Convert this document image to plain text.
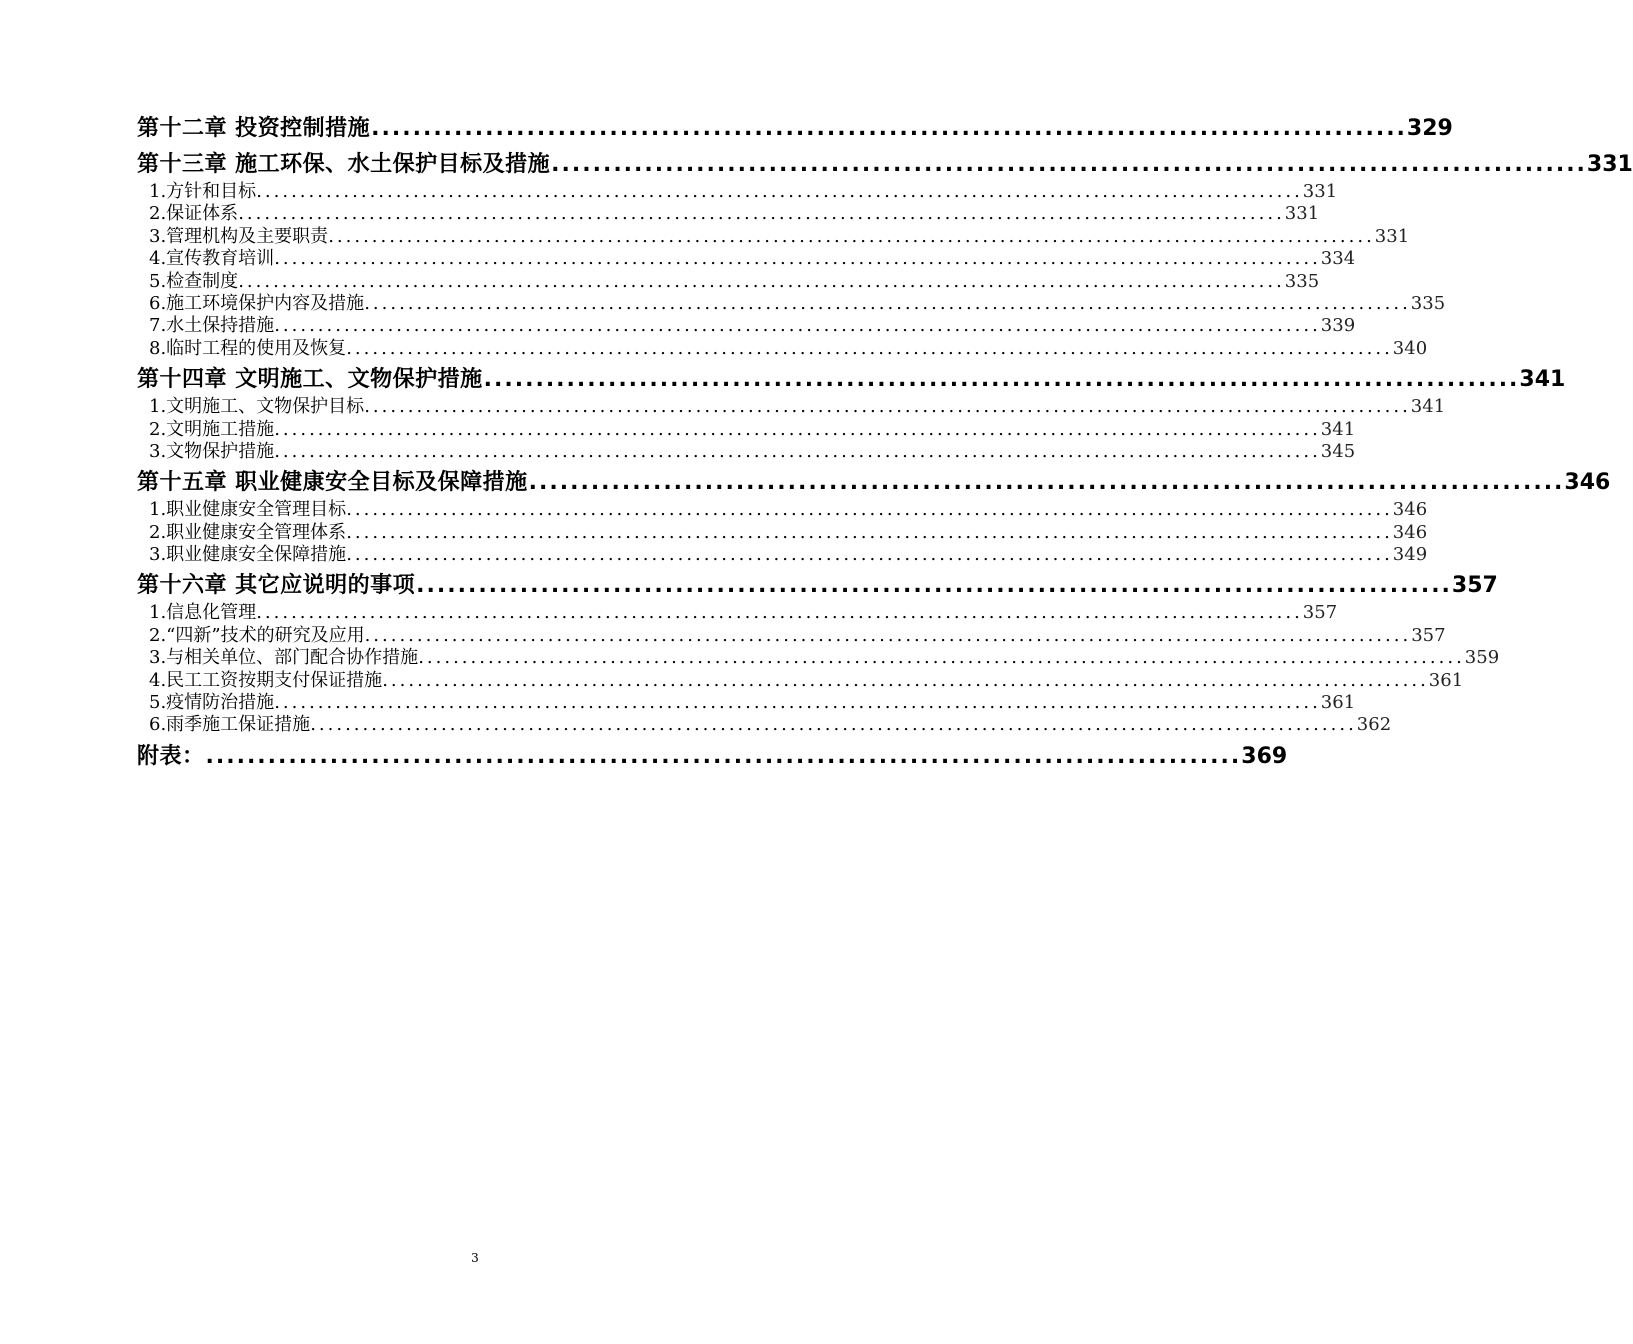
第十二章 投资控制措施 .................................................................................................... 329
第十三章 施工环保、水土保护目标及措施 .................................................................................................... 331
1.方针和目标 ........................................................................................................................ 331
2.保证体系 ........................................................................................................................ 331
3.管理机构及主要职责 ........................................................................................................................ 331
4.宣传教育培训 ........................................................................................................................ 334
5.检查制度 ........................................................................................................................ 335
6.施工环境保护内容及措施 ........................................................................................................................ 335
7.水土保持措施 ........................................................................................................................ 339
8.临时工程的使用及恢复 ........................................................................................................................ 340
第十四章 文明施工、文物保护措施 .................................................................................................... 341
1.文明施工、文物保护目标 ........................................................................................................................ 341
2.文明施工措施 ........................................................................................................................ 341
3.文物保护措施 ........................................................................................................................ 345
第十五章 职业健康安全目标及保障措施 .................................................................................................... 346
1.职业健康安全管理目标 ........................................................................................................................ 346
2.职业健康安全管理体系 ........................................................................................................................ 346
3.职业健康安全保障措施 ........................................................................................................................ 349
第十六章 其它应说明的事项 .................................................................................................... 357
1.信息化管理 ........................................................................................................................ 357
2.“四新”技术的研究及应用 ........................................................................................................................ 357
3.与相关单位、部门配合协作措施 ........................................................................................................................ 359
4.民工工资按期支付保证措施 ........................................................................................................................ 361
5.疫情防治措施 ........................................................................................................................ 361
6.雨季施工保证措施 ........................................................................................................................ 362
附表： .................................................................................................... 369
3
